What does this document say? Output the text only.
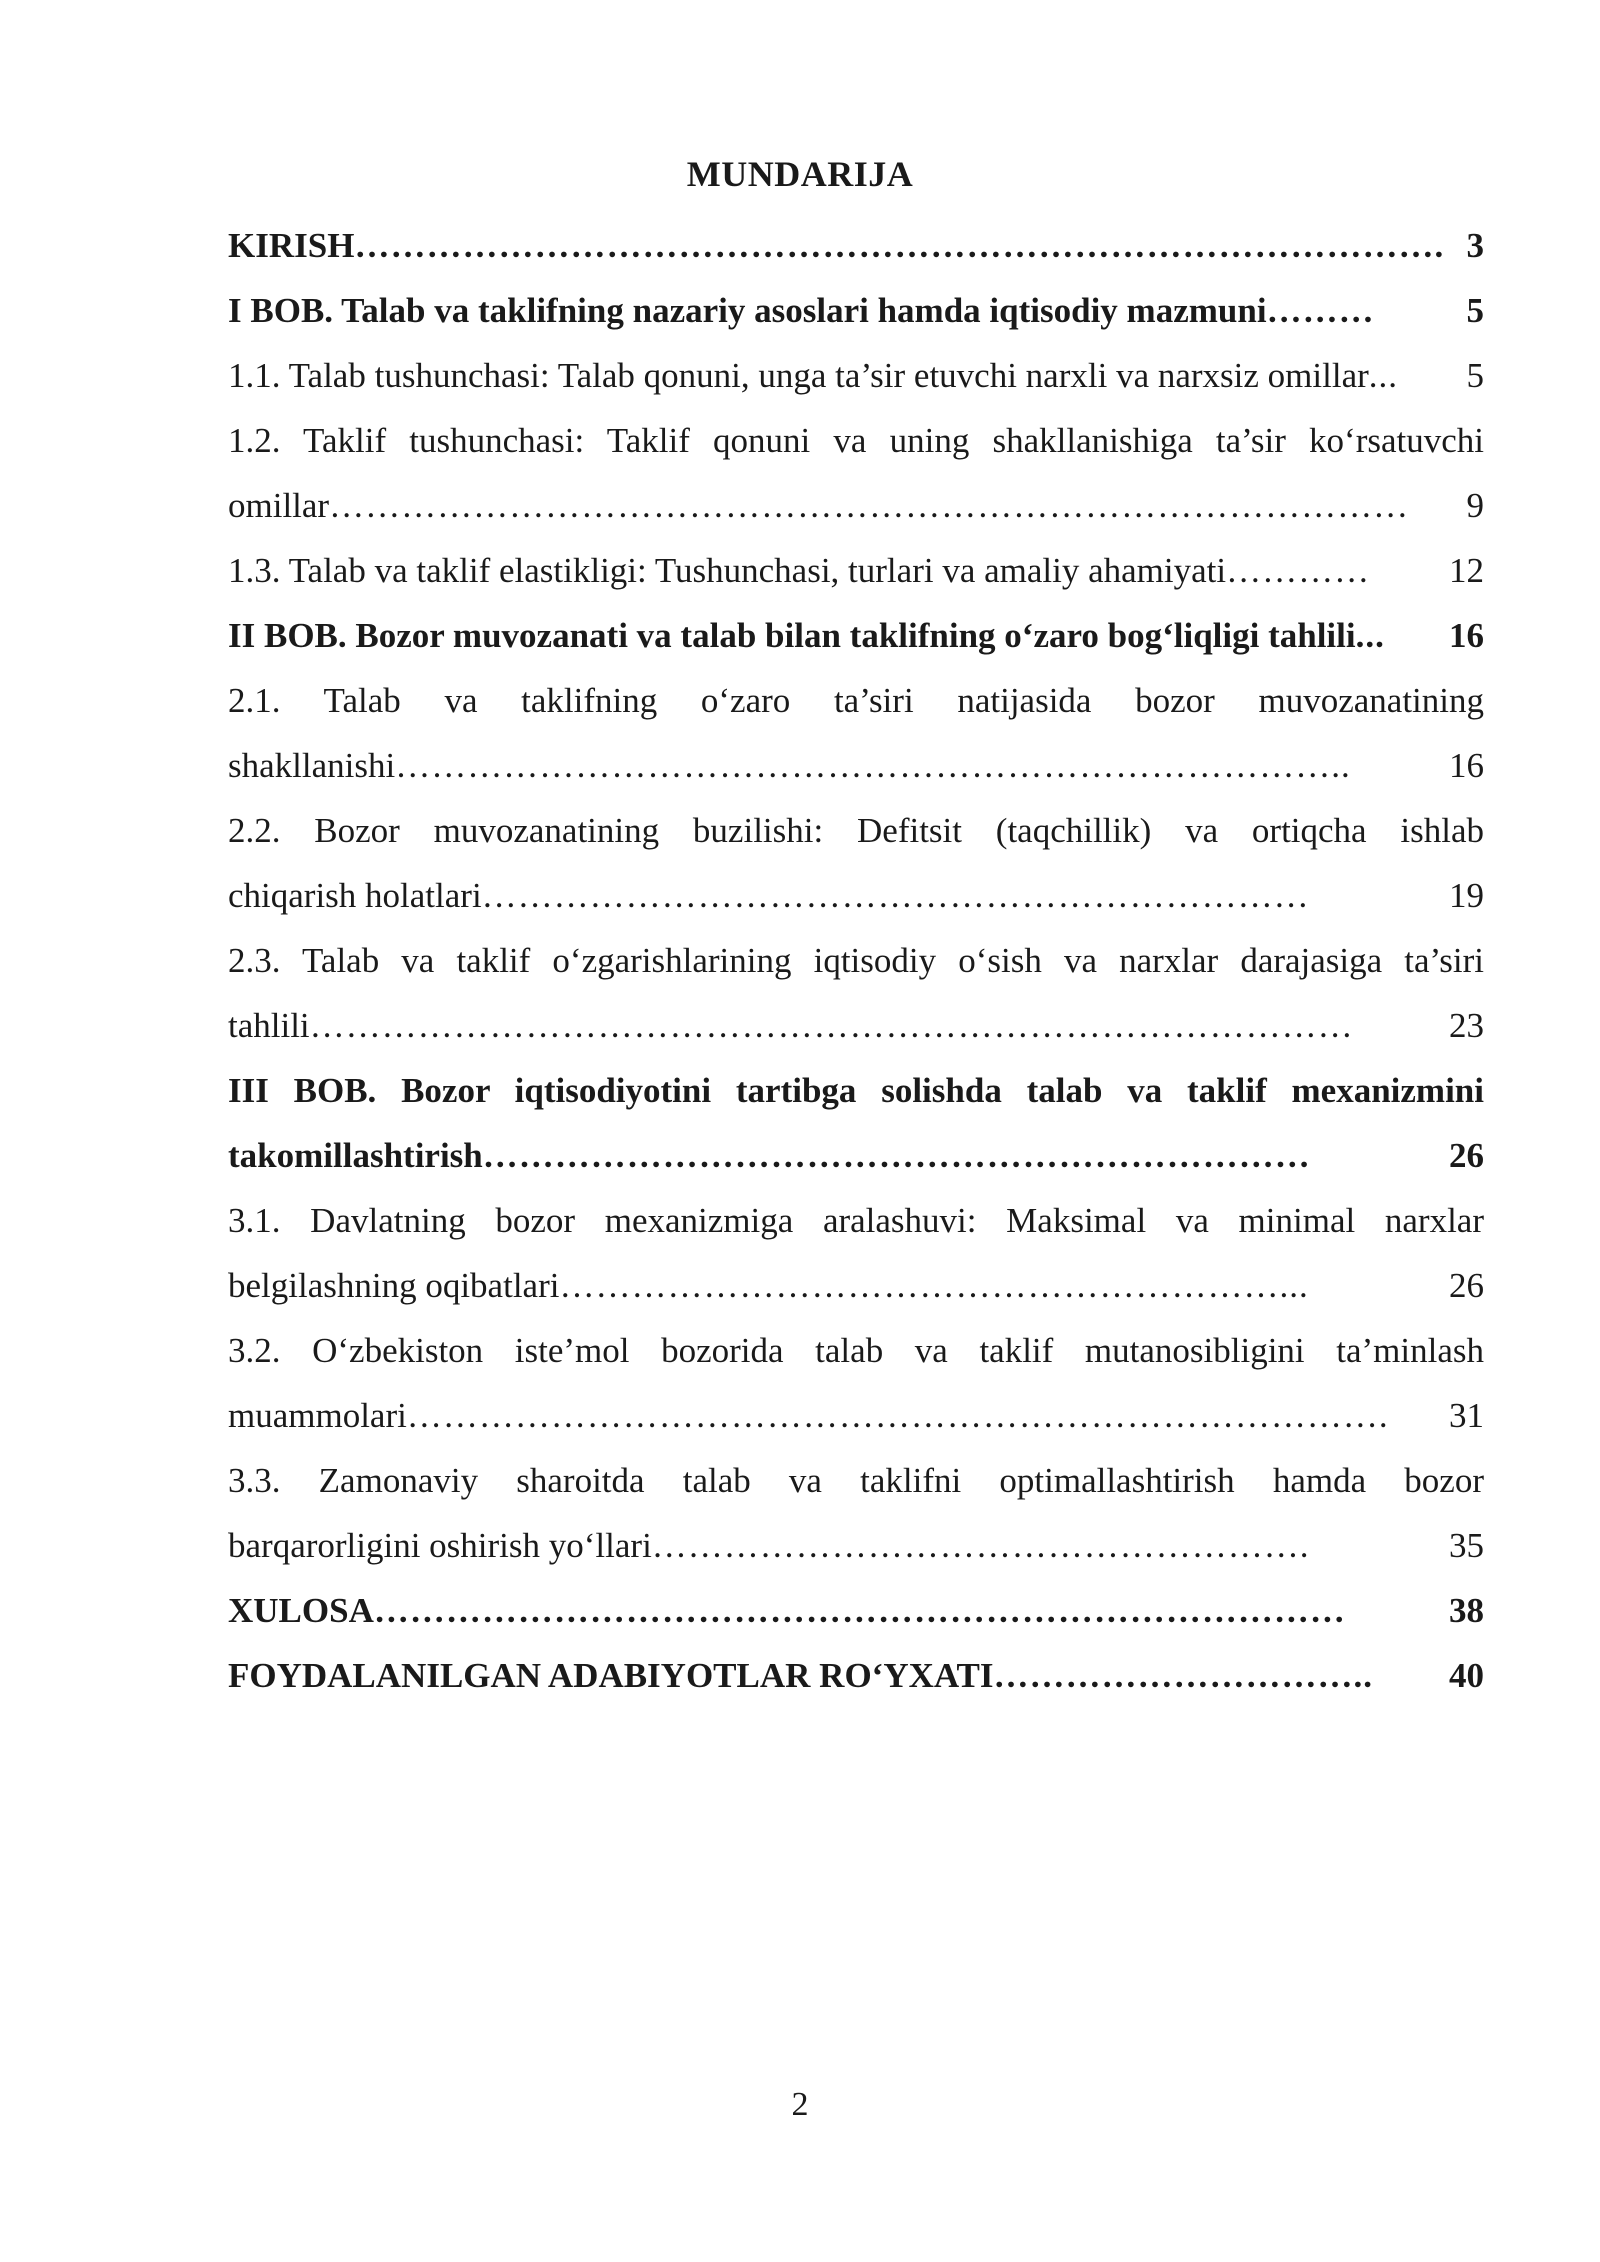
MUNDARIJA
KIRISH ………………………………………………………………………………. 3
I BOB. Talab va taklifning nazariy asoslari hamda iqtisodiy mazmuni ………	5
1.1. Talab tushunchasi: Talab qonuni, unga ta’sir etuvchi narxli va narxsiz omillar ...	5
1.2. Taklif tushunchasi: Taklif qonuni va uning shakllanishiga ta’sir ko‘rsatuvchi
omillar ………………………………………………………………………………	9
1.3. Talab va taklif elastikligi: Tushunchasi, turlari va amaliy ahamiyati …………	12
II BOB. Bozor muvozanati va talab bilan taklifning o‘zaro bog‘liqligi tahlili ...	16
2.1. Talab va taklifning o‘zaro ta’siri natijasida bozor muvozanatining
shakllanishi ……………………………………………………………………..	16
2.2. Bozor muvozanatining buzilishi: Defitsit (taqchillik) va ortiqcha ishlab
chiqarish holatlari ……………………………………………………………	19
2.3. Talab va taklif o‘zgarishlarining iqtisodiy o‘sish va narxlar darajasiga ta’siri
tahlili ……………………………………………………………………………	23
III BOB. Bozor iqtisodiyotini tartibga solishda talab va taklif mexanizmini
takomillashtirish ……………………………………………………………	26
3.1. Davlatning bozor mexanizmiga aralashuvi: Maksimal va minimal narxlar
belgilashning oqibatlari ……………………………………………………...	26
3.2. O‘zbekiston iste’mol bozorida talab va taklif mutanosibligini ta’minlash
muammolari ……………………………………………………………………….	31
3.3. Zamonaviy sharoitda talab va taklifni optimallashtirish hamda bozor
barqarorligini oshirish yo‘llari ……………………………………………….	35
XULOSA ………………………………………………………………………	38
FOYDALANILGAN ADABIYOTLAR RO‘YXATI …………………………..	40
2
